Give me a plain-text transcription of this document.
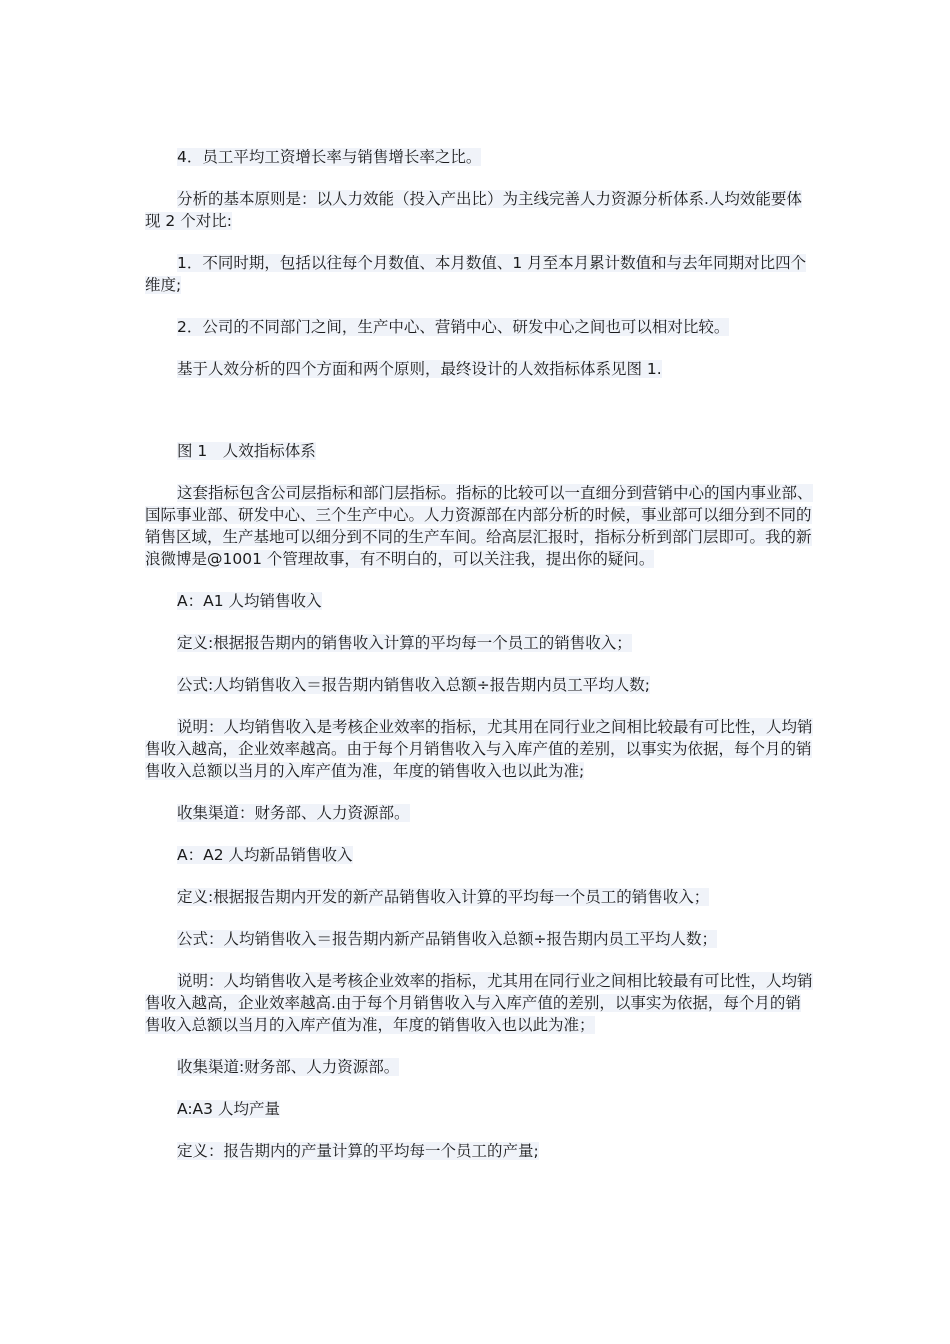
4．员工平均工资增长率与销售增长率之比。

分析的基本原则是：以人力效能（投入产出比）为主线完善人力资源分析体系.人均效能要体现 2 个对比:

1．不同时期，包括以往每个月数值、本月数值、1 月至本月累计数值和与去年同期对比四个维度;

2．公司的不同部门之间，生产中心、营销中心、研发中心之间也可以相对比较。

基于人效分析的四个方面和两个原则，最终设计的人效指标体系见图 1.

图 1　人效指标体系

这套指标包含公司层指标和部门层指标。指标的比较可以一直细分到营销中心的国内事业部、国际事业部、研发中心、三个生产中心。人力资源部在内部分析的时候，事业部可以细分到不同的销售区域，生产基地可以细分到不同的生产车间。给高层汇报时，指标分析到部门层即可。我的新浪微博是@1001 个管理故事，有不明白的，可以关注我，提出你的疑问。

A：A1 人均销售收入

定义:根据报告期内的销售收入计算的平均每一个员工的销售收入；

公式:人均销售收入＝报告期内销售收入总额÷报告期内员工平均人数;

说明：人均销售收入是考核企业效率的指标，尤其用在同行业之间相比较最有可比性，人均销售收入越高，企业效率越高。由于每个月销售收入与入库产值的差别，以事实为依据，每个月的销售收入总额以当月的入库产值为准，年度的销售收入也以此为准;

收集渠道：财务部、人力资源部。

A：A2 人均新品销售收入

定义:根据报告期内开发的新产品销售收入计算的平均每一个员工的销售收入；

公式：人均销售收入＝报告期内新产品销售收入总额÷报告期内员工平均人数；

说明：人均销售收入是考核企业效率的指标，尤其用在同行业之间相比较最有可比性，人均销售收入越高，企业效率越高.由于每个月销售收入与入库产值的差别，以事实为依据，每个月的销售收入总额以当月的入库产值为准，年度的销售收入也以此为准；

收集渠道:财务部、人力资源部。

A:A3 人均产量

定义：报告期内的产量计算的平均每一个员工的产量;
